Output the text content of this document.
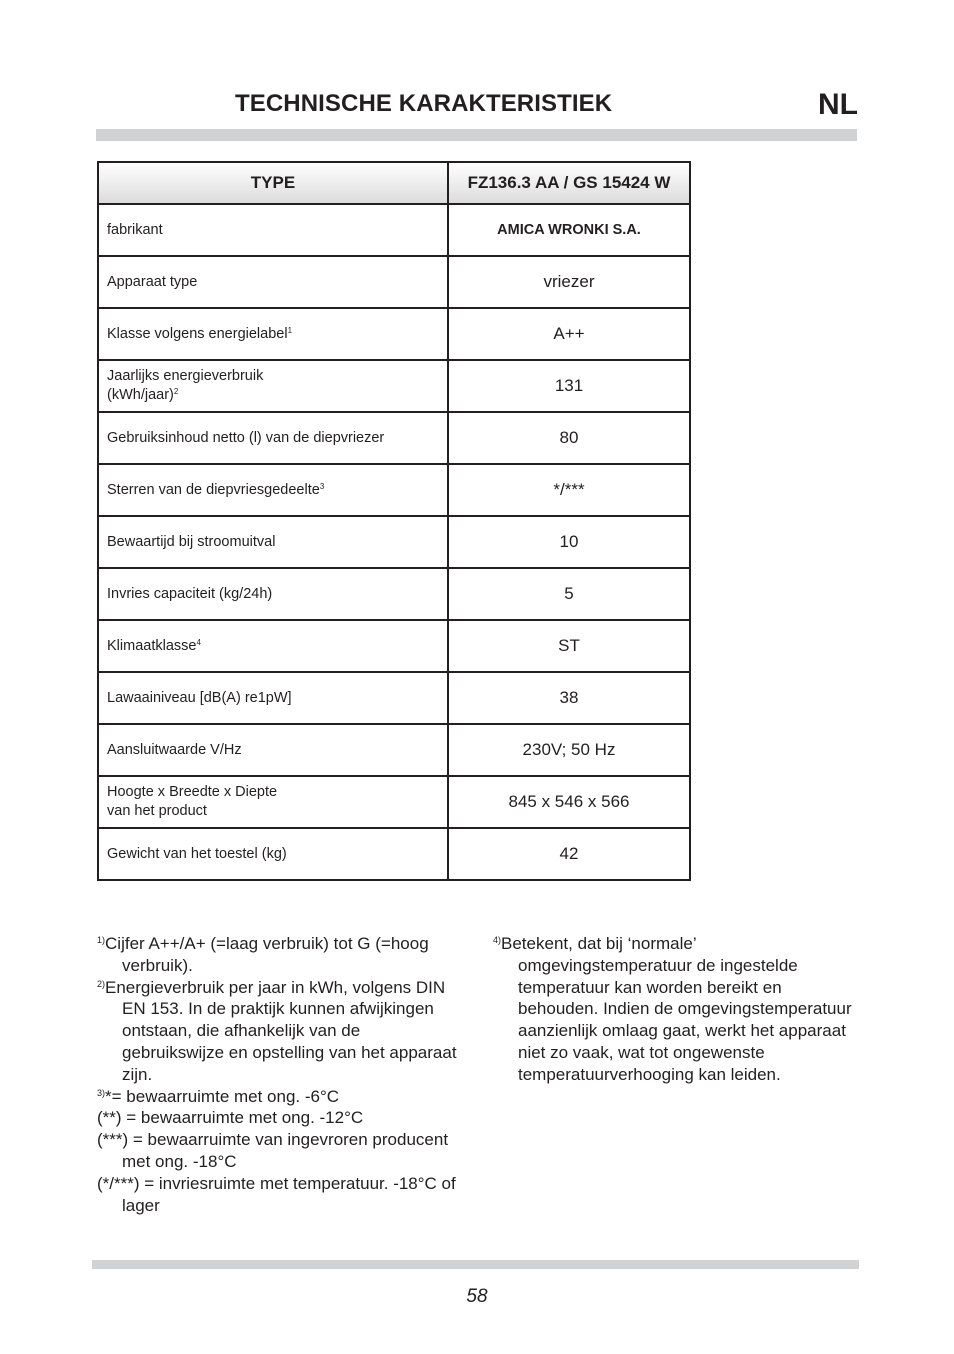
TECHNISCHE KARAKTERISTIEK	NL
TYPE	FZ136.3 AA / GS 15424 W
fabrikant	AMICA WRONKI S.A.
Apparaat type	vriezer
Klasse volgens energielabel$^1$	A++
Jaarlijks energieverbruik
(kWh/jaar)$^2$	131
Gebruiksinhoud netto (l) van de diepvriezer	80
Sterren van de diepvriesgedeelte$^3$	*/***
Bewaartijd bij stroomuitval	10
Invries capaciteit (kg/24h)	5
Klimaatklasse$^4$	ST
Lawaainiveau [dB(A) re1pW]	38
Aansluitwaarde V/Hz	230V; 50 Hz
Hoogte x Breedte x Diepte
van het product	845 x 546 x 566
Gewicht van het toestel (kg)	42

$^{1)}$Cijfer A++/A+ (=laag verbruik) tot G (=hoog verbruik).

$^{2)}$Energieverbruik per jaar in kWh, volgens DIN EN 153. In de praktijk kunnen afwijkingen ontstaan, die afhankelijk van de gebruikswijze en opstelling van het apparaat zijn.

$^{3)}$*= bewaarruimte met ong. -6°C

(**) = bewaarruimte met ong. -12°C

(***) = bewaarruimte van ingevroren producent met ong. -18°C

(*/***) = invriesruimte met temperatuur. -18°C of lager

$^{4)}$Betekent, dat bij ‘normale’ omgevingstemperatuur de ingestelde temperatuur kan worden bereikt en behouden. Indien de omgevingstemperatuur aanzienlijk omlaag gaat, werkt het apparaat niet zo vaak, wat tot ongewenste temperatuurverhooging kan leiden.

58
